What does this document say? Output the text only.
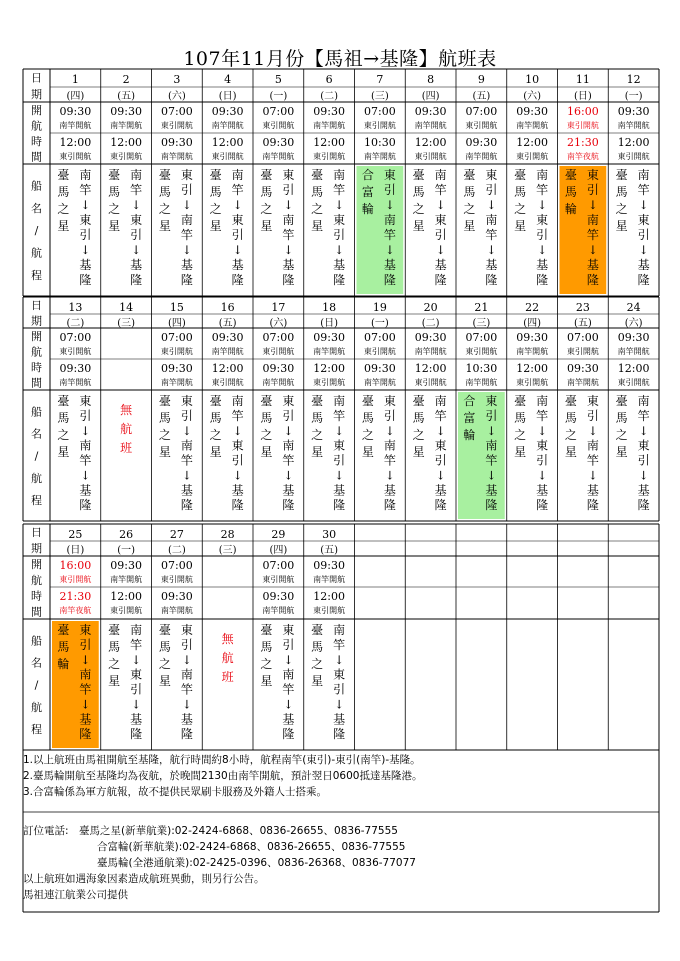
107年11月份【馬祖→基隆】航班表
日
期
開
航
時
間
船
名
/
航
程
1
(四)
09:30
南竿開航
12:00
東引開航
臺
馬
之
星
南
竿
↓
東
引
↓
基
隆
2
(五)
09:30
南竿開航
12:00
東引開航
臺
馬
之
星
南
竿
↓
東
引
↓
基
隆
3
(六)
07:00
東引開航
09:30
南竿開航
臺
馬
之
星
東
引
↓
南
竿
↓
基
隆
4
(日)
09:30
南竿開航
12:00
東引開航
臺
馬
之
星
南
竿
↓
東
引
↓
基
隆
5
(一)
07:00
東引開航
09:30
南竿開航
臺
馬
之
星
東
引
↓
南
竿
↓
基
隆
6
(二)
09:30
南竿開航
12:00
東引開航
臺
馬
之
星
南
竿
↓
東
引
↓
基
隆
7
(三)
07:00
東引開航
10:30
南竿開航
合
富
輪
東
引
↓
南
竿
↓
基
隆
8
(四)
09:30
南竿開航
12:00
東引開航
臺
馬
之
星
南
竿
↓
東
引
↓
基
隆
9
(五)
07:00
東引開航
09:30
南竿開航
臺
馬
之
星
東
引
↓
南
竿
↓
基
隆
10
(六)
09:30
南竿開航
12:00
東引開航
臺
馬
之
星
南
竿
↓
東
引
↓
基
隆
11
(日)
16:00
東引開航
21:30
南竿夜航
臺
馬
輪
東
引
↓
南
竿
↓
基
隆
12
(一)
09:30
南竿開航
12:00
東引開航
臺
馬
之
星
南
竿
↓
東
引
↓
基
隆
日
期
開
航
時
間
船
名
/
航
程
13
(二)
07:00
東引開航
09:30
南竿開航
臺
馬
之
星
東
引
↓
南
竿
↓
基
隆
14
(三)
無
航
班
15
(四)
07:00
東引開航
09:30
南竿開航
臺
馬
之
星
東
引
↓
南
竿
↓
基
隆
16
(五)
09:30
南竿開航
12:00
東引開航
臺
馬
之
星
南
竿
↓
東
引
↓
基
隆
17
(六)
07:00
東引開航
09:30
南竿開航
臺
馬
之
星
東
引
↓
南
竿
↓
基
隆
18
(日)
09:30
南竿開航
12:00
東引開航
臺
馬
之
星
南
竿
↓
東
引
↓
基
隆
19
(一)
07:00
東引開航
09:30
南竿開航
臺
馬
之
星
東
引
↓
南
竿
↓
基
隆
20
(二)
09:30
南竿開航
12:00
東引開航
臺
馬
之
星
南
竿
↓
東
引
↓
基
隆
21
(三)
07:00
東引開航
10:30
南竿開航
合
富
輪
東
引
↓
南
竿
↓
基
隆
22
(四)
09:30
南竿開航
12:00
東引開航
臺
馬
之
星
南
竿
↓
東
引
↓
基
隆
23
(五)
07:00
東引開航
09:30
南竿開航
臺
馬
之
星
東
引
↓
南
竿
↓
基
隆
24
(六)
09:30
南竿開航
12:00
東引開航
臺
馬
之
星
南
竿
↓
東
引
↓
基
隆
日
期
開
航
時
間
船
名
/
航
程
25
(日)
16:00
東引開航
21:30
南竿夜航
臺
馬
輪
東
引
↓
南
竿
↓
基
隆
26
(一)
09:30
南竿開航
12:00
東引開航
臺
馬
之
星
南
竿
↓
東
引
↓
基
隆
27
(二)
07:00
東引開航
09:30
南竿開航
臺
馬
之
星
東
引
↓
南
竿
↓
基
隆
28
(三)
無
航
班
29
(四)
07:00
東引開航
09:30
南竿開航
臺
馬
之
星
東
引
↓
南
竿
↓
基
隆
30
(五)
09:30
南竿開航
12:00
東引開航
臺
馬
之
星
南
竿
↓
東
引
↓
基
隆
1.以上航班由馬祖開航至基隆，航行時間約8小時，航程南竿(東引)-東引(南竿)-基隆。
2.臺馬輪開航至基隆均為夜航，於晚間2130由南竿開航，預計翌日0600抵達基隆港。
3.合富輪係為軍方航報，故不提供民眾刷卡服務及外籍人士搭乘。
訂位電話: 臺馬之星(新華航業):02-2424-6868、0836-26655、0836-77555
合富輪(新華航業):02-2424-6868、0836-26655、0836-77555
臺馬輪(全港通航業):02-2425-0396、0836-26368、0836-77077
以上航班如遇海象因素造成航班異動，則另行公告。
馬祖連江航業公司提供
